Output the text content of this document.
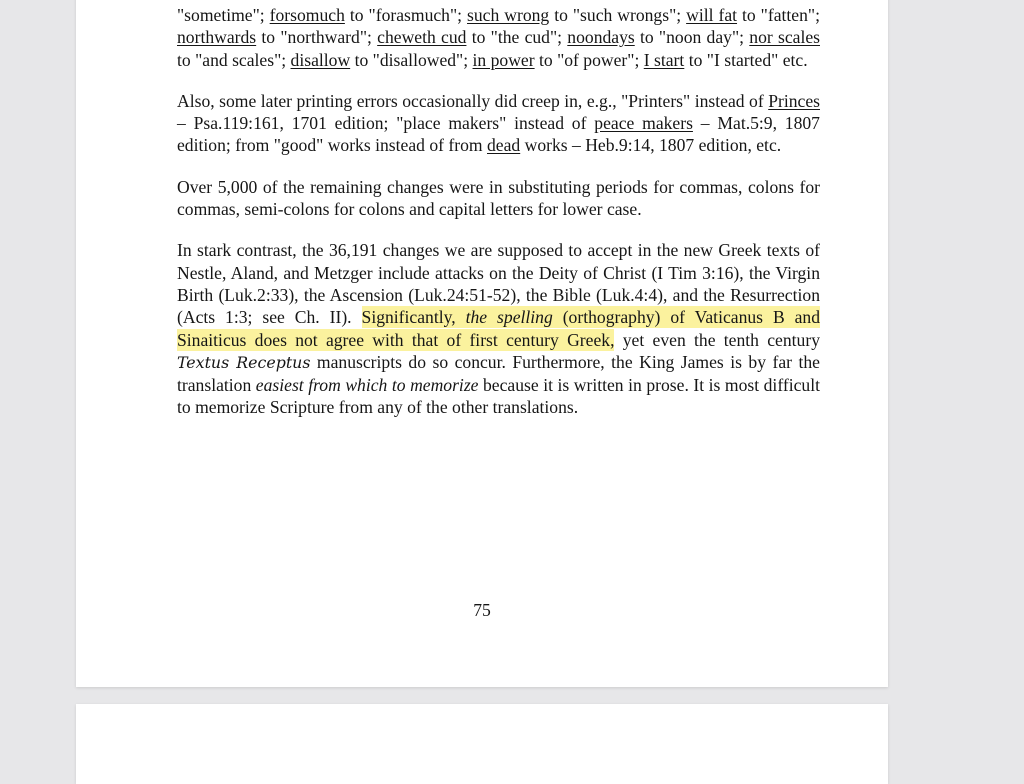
"sometime"; forsomuch to "forasmuch"; such wrong to "such wrongs"; will fat to "fatten"; northwards to "northward"; cheweth cud to "the cud"; noondays to "noon day"; nor scales to "and scales"; disallow to "disallowed"; in power to "of power"; I start to "I started" etc.

Also, some later printing errors occasionally did creep in, e.g., "Printers" instead of Princes – Psa.119:161, 1701 edition; "place makers" instead of peace makers – Mat.5:9, 1807 edition; from "good" works instead of from dead works – Heb.9:14, 1807 edition, etc.

Over 5,000 of the remaining changes were in substituting periods for commas, colons for commas, semi-colons for colons and capital letters for lower case.

In stark contrast, the 36,191 changes we are supposed to accept in the new Greek texts of Nestle, Aland, and Metzger include attacks on the Deity of Christ (I Tim 3:16), the Virgin Birth (Luk.2:33), the Ascension (Luk.24:51-52), the Bible (Luk.4:4), and the Resurrection (Acts 1:3; see Ch. II). Significantly, the spelling (orthography) of Vaticanus B and Sinaiticus does not agree with that of first century Greek, yet even the tenth century Textus Receptus manuscripts do so concur. Furthermore, the King James is by far the translation easiest from which to memorize because it is written in prose. It is most difficult to memorize Scripture from any of the other translations.

75
